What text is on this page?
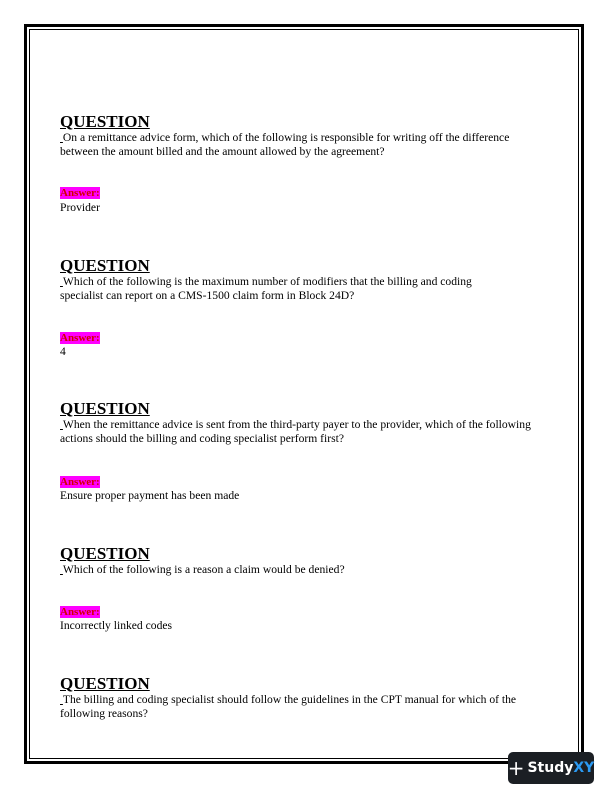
QUESTION
On a remittance advice form, which of the following is responsible for writing off the difference between the amount billed and the amount allowed by the agreement?
Answer:
Provider
QUESTION
Which of the following is the maximum number of modifiers that the billing and coding specialist can report on a CMS-1500 claim form in Block 24D?
Answer:
4
QUESTION
When the remittance advice is sent from the third-party payer to the provider, which of the following actions should the billing and coding specialist perform first?
Answer:
Ensure proper payment has been made
QUESTION
Which of the following is a reason a claim would be denied?
Answer:
Incorrectly linked codes
QUESTION
The billing and coding specialist should follow the guidelines in the CPT manual for which of the following reasons?
+ Study XY
